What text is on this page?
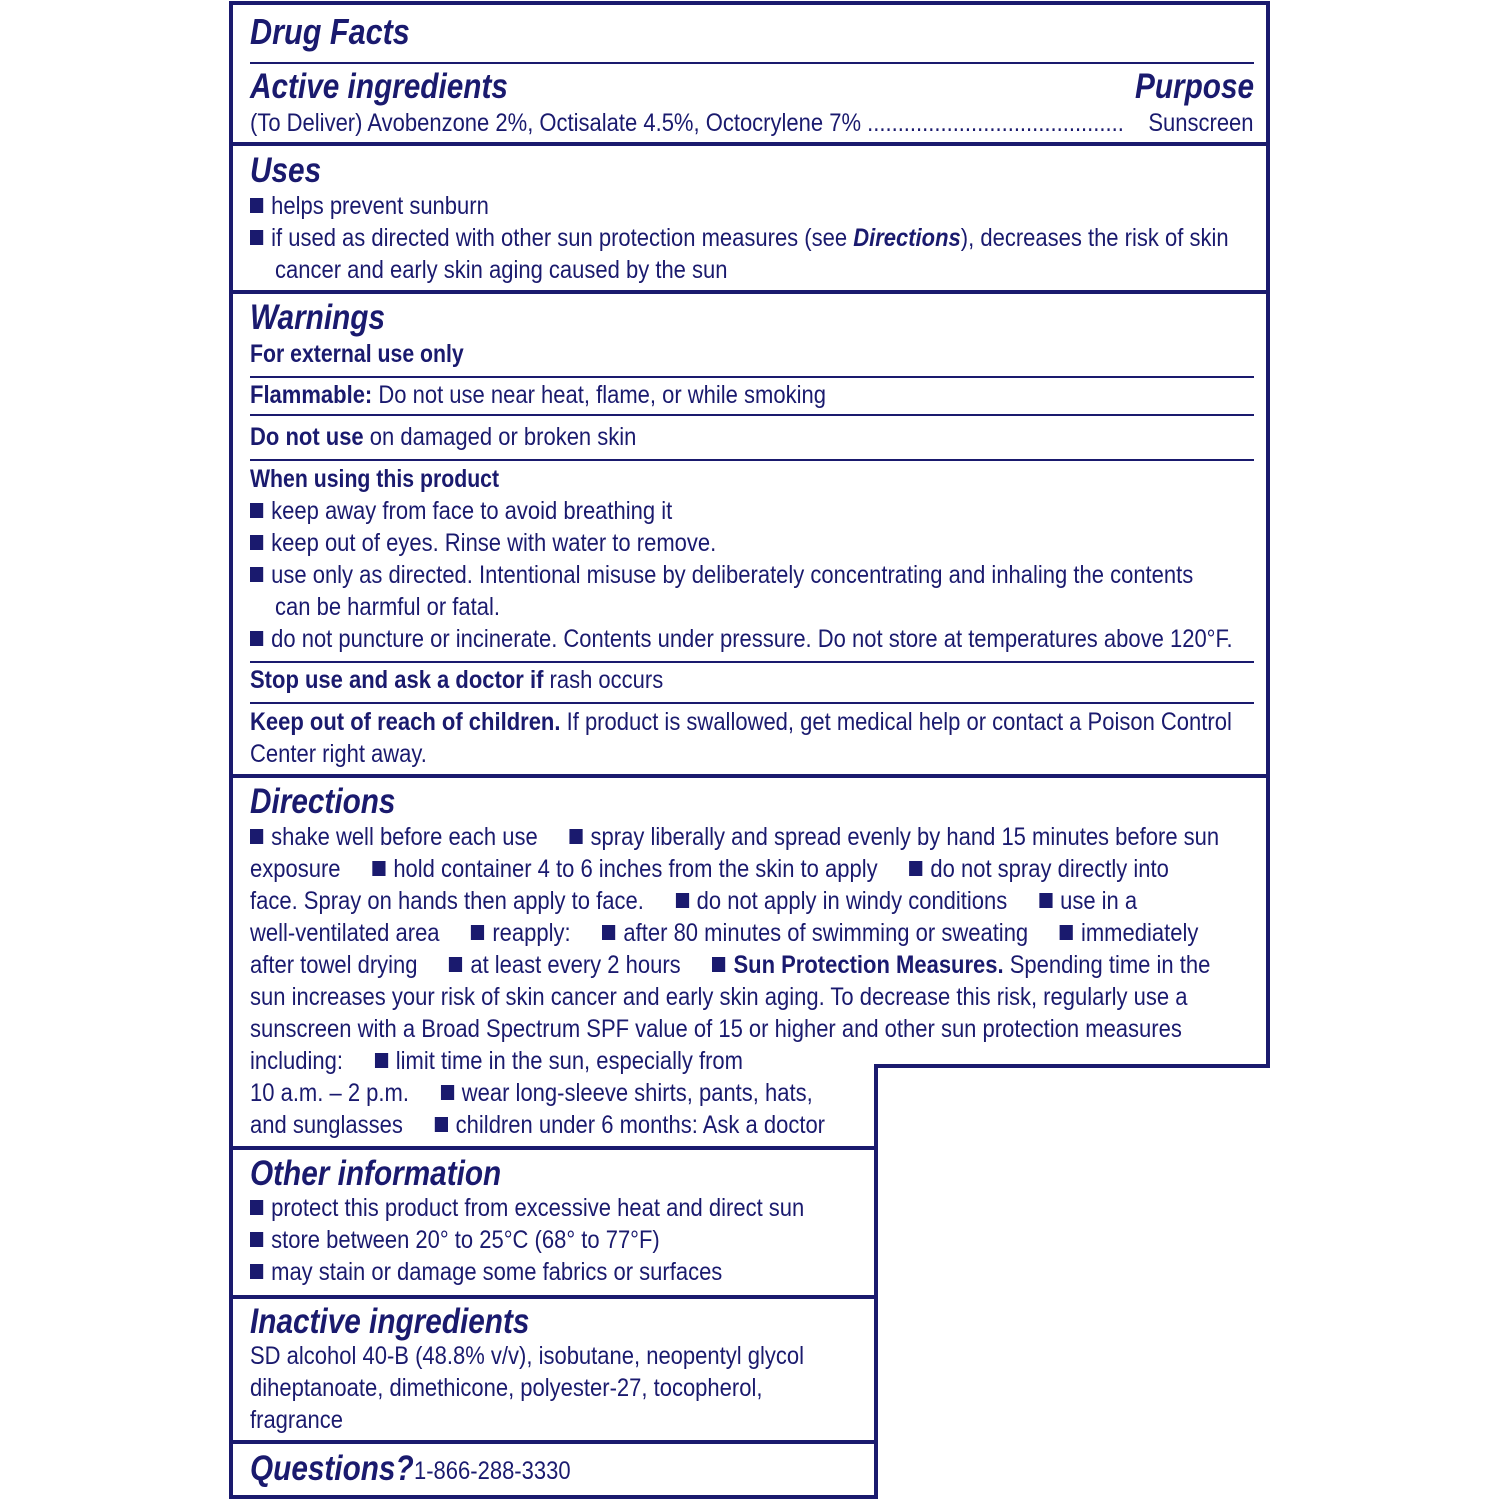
Drug Facts
Active ingredients	Purpose
(To Deliver) Avobenzone 2%, Octisalate 4.5%, Octocrylene 7% .......................................... Sunscreen
Uses
helps prevent sunburn
if used as directed with other sun protection measures (see Directions), decreases the risk of skin
cancer and early skin aging caused by the sun
Warnings
For external use only
Flammable: Do not use near heat, flame, or while smoking
Do not use on damaged or broken skin
When using this product
keep away from face to avoid breathing it
keep out of eyes. Rinse with water to remove.
use only as directed. Intentional misuse by deliberately concentrating and inhaling the contents
can be harmful or fatal.
do not puncture or incinerate. Contents under pressure. Do not store at temperatures above 120°F.
Stop use and ask a doctor if rash occurs
Keep out of reach of children. If product is swallowed, get medical help or contact a Poison Control
Center right away.
Directions
shake well before each use spray liberally and spread evenly by hand 15 minutes before sun
exposure hold container 4 to 6 inches from the skin to apply do not spray directly into
face. Spray on hands then apply to face. do not apply in windy conditions use in a
well-ventilated area reapply: after 80 minutes of swimming or sweating immediately
after towel drying at least every 2 hours Sun Protection Measures. Spending time in the
sun increases your risk of skin cancer and early skin aging. To decrease this risk, regularly use a
sunscreen with a Broad Spectrum SPF value of 15 or higher and other sun protection measures
including: limit time in the sun, especially from
10 a.m. – 2 p.m. wear long-sleeve shirts, pants, hats,
and sunglasses children under 6 months: Ask a doctor
Other information
protect this product from excessive heat and direct sun
store between 20° to 25°C (68° to 77°F)
may stain or damage some fabrics or surfaces
Inactive ingredients
SD alcohol 40-B (48.8% v/v), isobutane, neopentyl glycol
diheptanoate, dimethicone, polyester-27, tocopherol,
fragrance
Questions? 1-866-288-3330
